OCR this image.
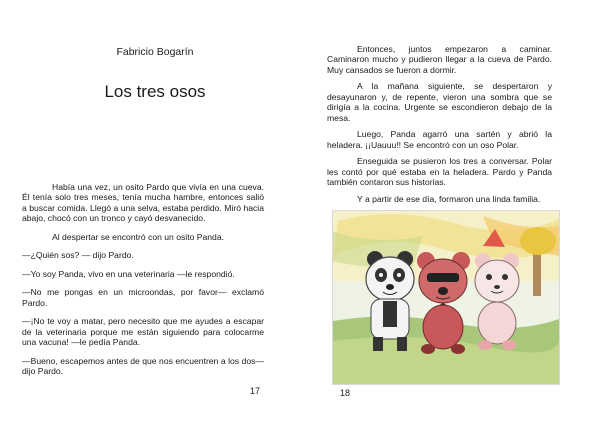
Fabricio Bogarín
Los tres osos

Había una vez, un osito Pardo que vivía en una cueva. Él tenía solo tres meses, tenía mucha hambre, entonces salió a buscar comida. Llegó a una selva, estaba perdido. Miró hacia abajo, chocó con un tronco y cayó desvanecido.

Al despertar se encontró con un osito Panda.

—¿Quién sos? — dijo Pardo.

—Yo soy Panda, vivo en una veterinaria —le respondió.

—No me pongas en un microondas, por favor— exclamó Pardo.

—¡No te voy a matar, pero necesito que me ayudes a escapar de la veterinaria porque me están siguiendo para colocarme una vacuna! —le pedía Panda.

—Bueno, escapemos antes de que nos encuentren a los dos—dijo Pardo.

17

Entonces, juntos empezaron a caminar. Caminaron mucho y pudieron llegar a la cueva de Pardo. Muy cansados se fueron a dormir.

A la mañana siguiente, se despertaron y desayunaron y, de repente, vieron una sombra que se dirigía a la cocina. Urgente se escondieron debajo de la mesa.

Luego, Panda agarró una sartén y abrió la heladera. ¡¡Uauuu!! Se encontró con un oso Polar.

Enseguida se pusieron los tres a conversar. Polar les contó por qué estaba en la heladera. Pardo y Panda también contaron sus historias.

Y a partir de ese día, formaron una linda familia.

18
